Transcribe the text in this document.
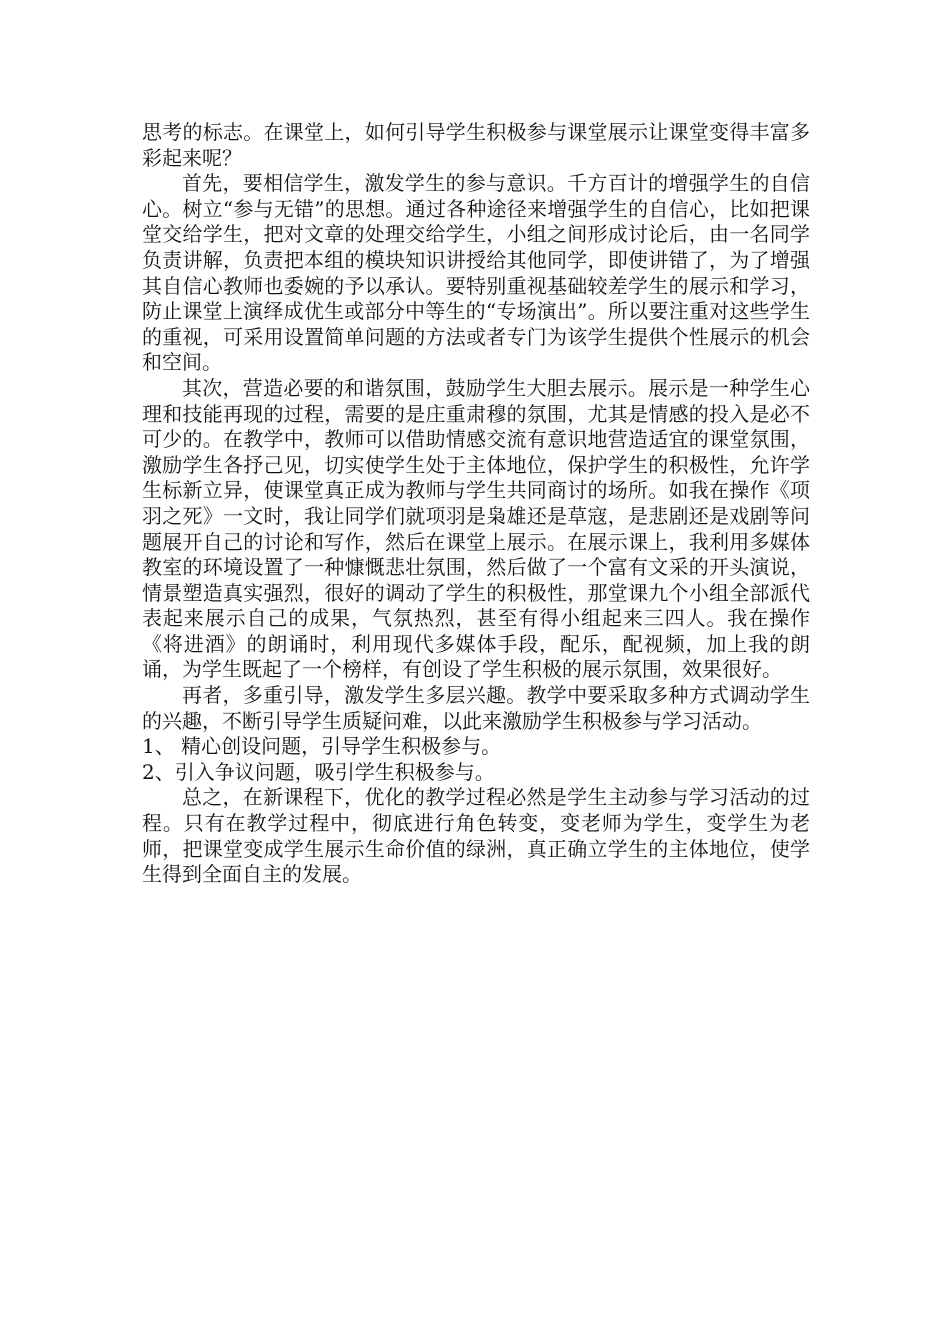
思考的标志。在课堂上，如何引导学生积极参与课堂展示让课堂变得丰富多彩起来呢？

首先，要相信学生，激发学生的参与意识。千方百计的增强学生的自信心。树立“参与无错”的思想。通过各种途径来增强学生的自信心，比如把课堂交给学生，把对文章的处理交给学生，小组之间形成讨论后，由一名同学负责讲解，负责把本组的模块知识讲授给其他同学，即使讲错了，为了增强其自信心教师也委婉的予以承认。要特别重视基础较差学生的展示和学习，防止课堂上演绎成优生或部分中等生的“专场演出”。所以要注重对这些学生的重视，可采用设置简单问题的方法或者专门为该学生提供个性展示的机会和空间。

其次，营造必要的和谐氛围，鼓励学生大胆去展示。展示是一种学生心理和技能再现的过程，需要的是庄重肃穆的氛围，尤其是情感的投入是必不可少的。在教学中，教师可以借助情感交流有意识地营造适宜的课堂氛围，激励学生各抒己见，切实使学生处于主体地位，保护学生的积极性，允许学生标新立异，使课堂真正成为教师与学生共同商讨的场所。如我在操作《项羽之死》一文时，我让同学们就项羽是枭雄还是草寇，是悲剧还是戏剧等问题展开自己的讨论和写作，然后在课堂上展示。在展示课上，我利用多媒体教室的环境设置了一种慷慨悲壮氛围，然后做了一个富有文采的开头演说，情景塑造真实强烈，很好的调动了学生的积极性，那堂课九个小组全部派代表起来展示自己的成果，气氛热烈，甚至有得小组起来三四人。我在操作《将进酒》的朗诵时，利用现代多媒体手段，配乐，配视频，加上我的朗诵，为学生既起了一个榜样，有创设了学生积极的展示氛围，效果很好。

再者，多重引导，激发学生多层兴趣。教学中要采取多种方式调动学生的兴趣，不断引导学生质疑问难，以此来激励学生积极参与学习活动。

1、 精心创设问题，引导学生积极参与。

2、引入争议问题，吸引学生积极参与。

总之，在新课程下，优化的教学过程必然是学生主动参与学习活动的过程。只有在教学过程中，彻底进行角色转变，变老师为学生，变学生为老师，把课堂变成学生展示生命价值的绿洲，真正确立学生的主体地位，使学生得到全面自主的发展。
